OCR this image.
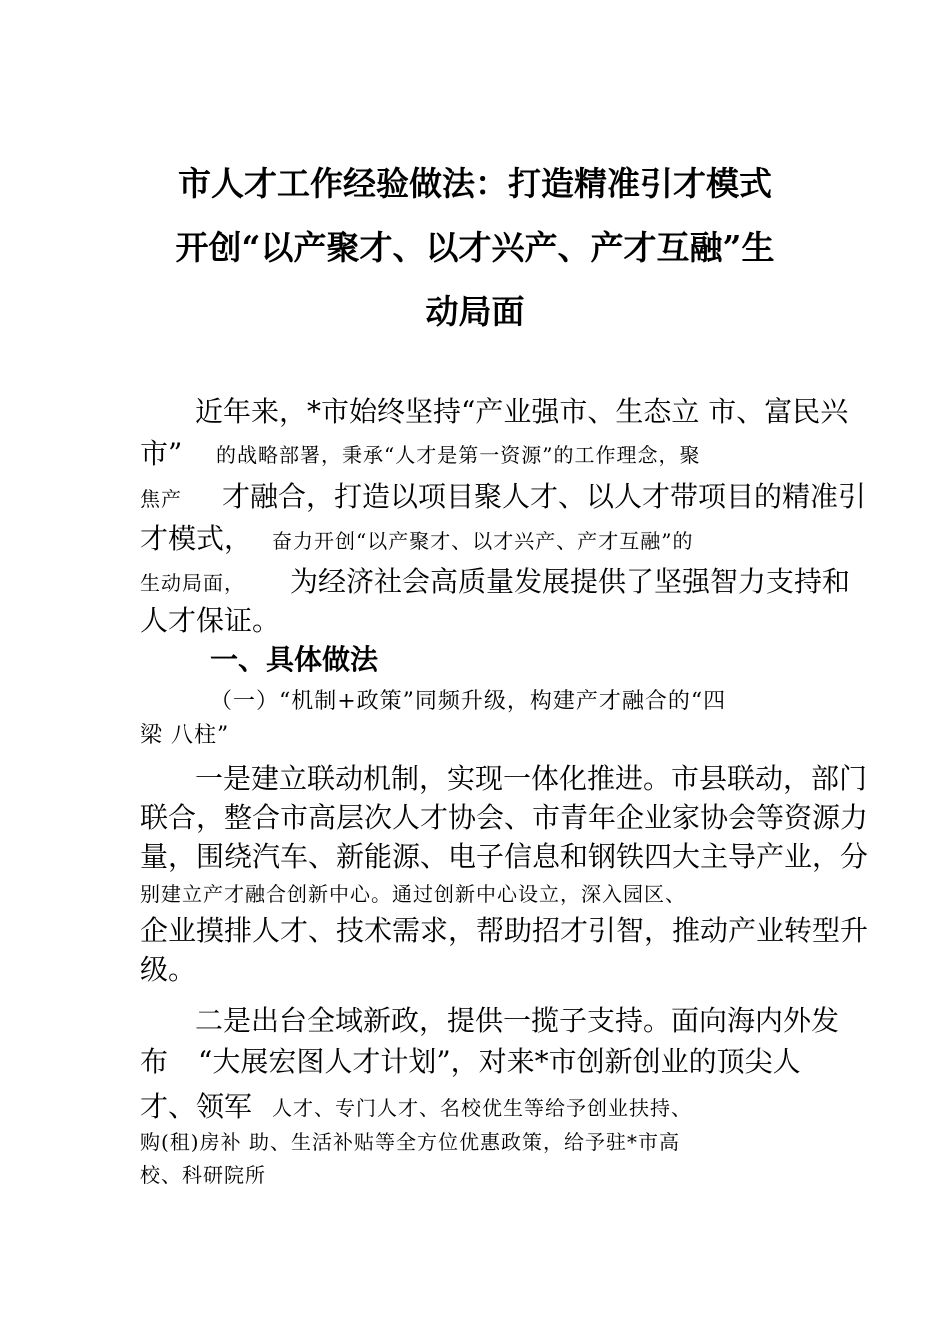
市人才工作经验做法：打造精准引才模式
开创“以产聚才、以才兴产、产才互融”生
动局面
近年来，*市始终坚持“产业强市、生态立 市、富民兴
市” 的战略部署，秉承“人才是第一资源”的工作理念，聚
焦产 才融合，打造以项目聚人才、以人才带项目的精准引
才模式， 奋力开创“以产聚才、以才兴产、产才互融”的
生动局面， 为经济社会高质量发展提供了坚强智力支持和
人才保证。
一、具体做法
（一）“机制+政策”同频升级，构建产才融合的“四
梁 八柱”
一是建立联动机制，实现一体化推进。市县联动，部门
联合，整合市高层次人才协会、市青年企业家协会等资源力
量，围绕汽车、新能源、电子信息和钢铁四大主导产业，分
别建立产才融合创新中心。通过创新中心设立，深入园区、
企业摸排人才、技术需求，帮助招才引智，推动产业转型升
级。
二是出台全域新政，提供一揽子支持。面向海内外发
布 “大展宏图人才计划”，对来*市创新创业的顶尖人
才、领军 人才、专门人才、名校优生等给予创业扶持、
购(租)房补 助、生活补贴等全方位优惠政策，给予驻*市高
校、科研院所
